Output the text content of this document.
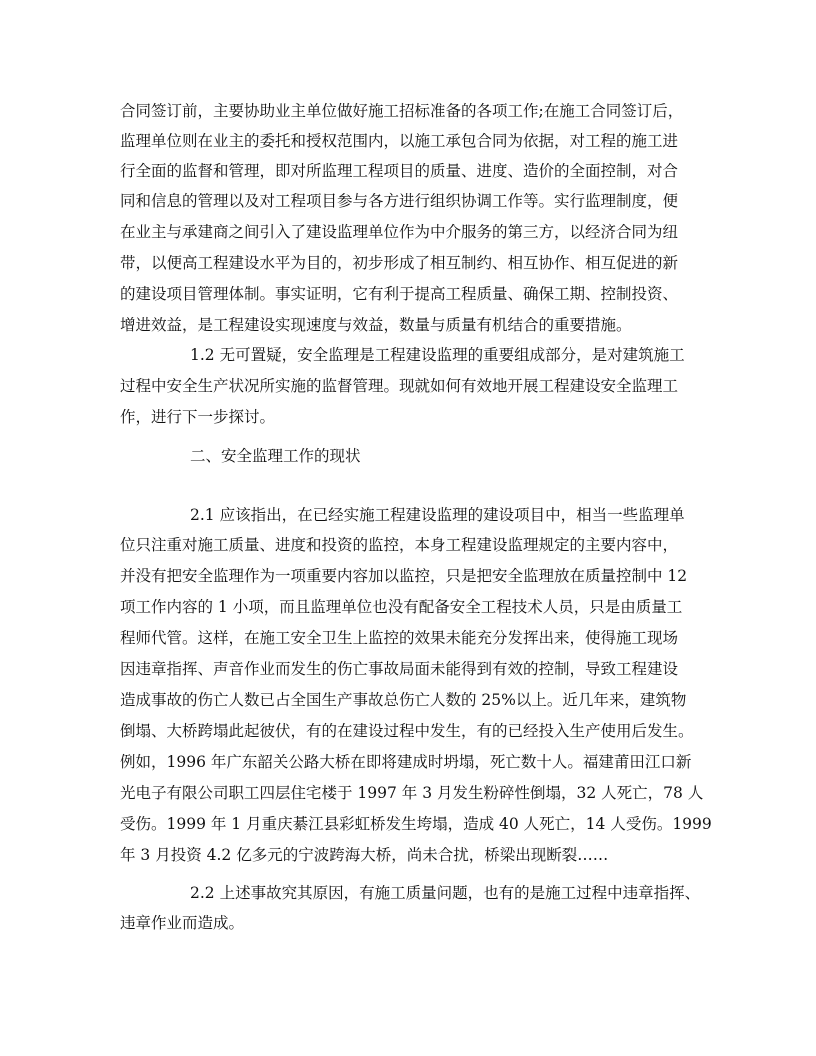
合同签订前，主要协助业主单位做好施工招标准备的各项工作;在施工合同签订后，
监理单位则在业主的委托和授权范围内，以施工承包合同为依据，对工程的施工进
行全面的监督和管理，即对所监理工程项目的质量、进度、造价的全面控制，对合
同和信息的管理以及对工程项目参与各方进行组织协调工作等。实行监理制度，便
在业主与承建商之间引入了建设监理单位作为中介服务的第三方，以经济合同为纽
带，以便高工程建设水平为目的，初步形成了相互制约、相互协作、相互促进的新
的建设项目管理体制。事实证明，它有利于提高工程质量、确保工期、控制投资、
增进效益，是工程建设实现速度与效益，数量与质量有机结合的重要措施。
1.2 无可置疑，安全监理是工程建设监理的重要组成部分，是对建筑施工
过程中安全生产状况所实施的监督管理。现就如何有效地开展工程建设安全监理工
作，进行下一步探讨。
二、安全监理工作的现状
2.1 应该指出，在已经实施工程建设监理的建设项目中，相当一些监理单
位只注重对施工质量、进度和投资的监控，本身工程建设监理规定的主要内容中，
并没有把安全监理作为一项重要内容加以监控，只是把安全监理放在质量控制中 12
项工作内容的 1 小项，而且监理单位也没有配备安全工程技术人员，只是由质量工
程师代管。这样，在施工安全卫生上监控的效果未能充分发挥出来，使得施工现场
因违章指挥、声音作业而发生的伤亡事故局面未能得到有效的控制，导致工程建设
造成事故的伤亡人数已占全国生产事故总伤亡人数的 25%以上。近几年来，建筑物
倒塌、大桥跨塌此起彼伏，有的在建设过程中发生，有的已经投入生产使用后发生。
例如，1996 年广东韶关公路大桥在即将建成时坍塌，死亡数十人。福建莆田江口新
光电子有限公司职工四层住宅楼于 1997 年 3 月发生粉碎性倒塌，32 人死亡，78 人
受伤。1999 年 1 月重庆綦江县彩虹桥发生垮塌，造成 40 人死亡，14 人受伤。1999
年 3 月投资 4.2 亿多元的宁波跨海大桥，尚未合扰，桥梁出现断裂……
2.2 上述事故究其原因，有施工质量问题，也有的是施工过程中违章指挥、
违章作业而造成。
